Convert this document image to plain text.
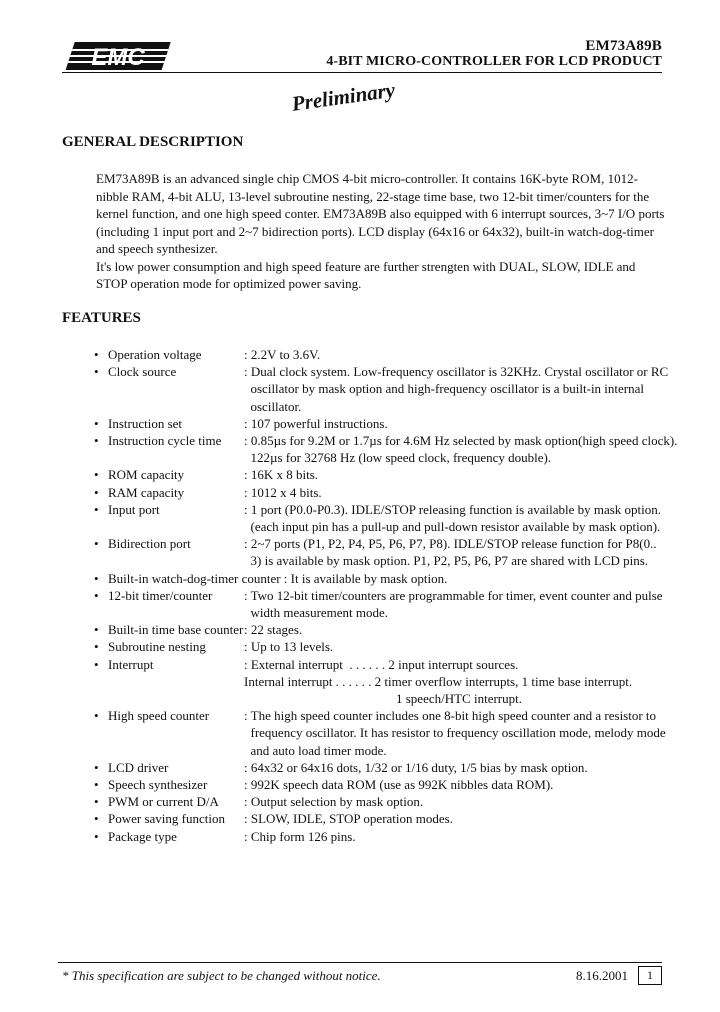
EMC	EM73A89B
4-BIT MICRO-CONTROLLER FOR LCD PRODUCT
Preliminary
GENERAL DESCRIPTION

EM73A89B is an advanced single chip CMOS 4-bit micro-controller. It contains 16K-byte ROM, 1012-nibble RAM, 4-bit ALU, 13-level subroutine nesting, 22-stage time base, two 12-bit timer/counters for the kernel function, and one high speed conter. EM73A89B also equipped with 6 interrupt sources, 3~7 I/O ports (including 1 input port and 2~7 bidirection ports). LCD display (64x16 or 64x32), built-in watch-dog-timer and speech synthesizer.

It's low power consumption and high speed feature are further strengten with DUAL, SLOW, IDLE and STOP operation mode for optimized power saving.

FEATURES
• Operation voltage	: 2.2V to 3.6V.
• Clock source	: Dual clock system. Low-frequency oscillator is 32KHz. Crystal oscillator or RC
oscillator by mask option and high-frequency oscillator is a built-in internal
oscillator.
• Instruction set	: 107 powerful instructions.
• Instruction cycle time	: 0.85µs for 9.2M or 1.7µs for 4.6M Hz selected by mask option(high speed clock).
122µs for 32768 Hz (low speed clock, frequency double).
• ROM capacity	: 16K x 8 bits.
• RAM capacity	: 1012 x 4 bits.
• Input port	: 1 port (P0.0-P0.3). IDLE/STOP releasing function is available by mask option.
(each input pin has a pull-up and pull-down resistor available by mask option).
• Bidirection port	: 2~7 ports (P1, P2, P4, P5, P6, P7, P8). IDLE/STOP release function for P8(0..
3) is available by mask option. P1, P2, P5, P6, P7 are shared with LCD pins.
• Built-in watch-dog-timer counter : It is available by mask option.
• 12-bit timer/counter	: Two 12-bit timer/counters are programmable for timer, event counter and pulse
width measurement mode.
• Built-in time base counter : 22 stages.
• Subroutine nesting	: Up to 13 levels.
• Interrupt	: External interrupt  . . . . . . 2 input interrupt sources.
Internal interrupt . . . . . . 2 timer overflow interrupts, 1 time base interrupt.
1 speech/HTC interrupt.
• High speed counter	: The high speed counter includes one 8-bit high speed counter and a resistor to
frequency oscillator. It has resistor to frequency oscillation mode, melody mode
and auto load timer mode.
• LCD driver	: 64x32 or 64x16 dots, 1/32 or 1/16 duty, 1/5 bias by mask option.
• Speech synthesizer	: 992K speech data ROM (use as 992K nibbles data ROM).
• PWM or current D/A	: Output selection by mask option.
• Power saving function	: SLOW, IDLE, STOP operation modes.
• Package type	: Chip form 126 pins.
* This specification are subject to be changed without notice.	8.16.2001	1
